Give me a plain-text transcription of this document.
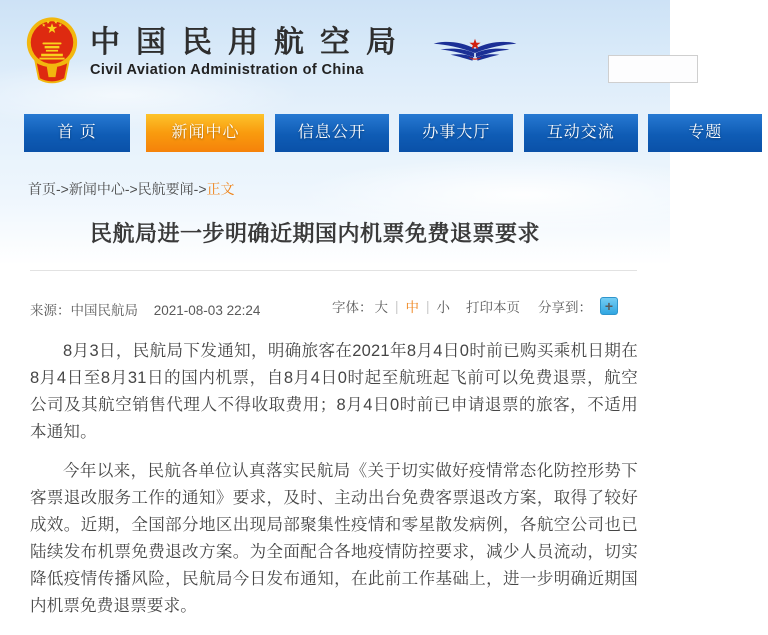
中国民用航空局
Civil Aviation Administration of China
首 页	新闻中心	信息公开	办事大厅	互动交流	专题
首页->新闻中心->民航要闻->正文
民航局进一步明确近期国内机票免费退票要求
来源：中国民航局 2021-08-03 22:24	字体： 大 | 中 | 小 打印本页 分享到： +

8月3日，民航局下发通知，明确旅客在2021年8月4日0时前已购买乘机日期在8月4日至8月31日的国内机票，自8月4日0时起至航班起飞前可以免费退票，航空公司及其航空销售代理人不得收取费用；8月4日0时前已申请退票的旅客，不适用本通知。

今年以来，民航各单位认真落实民航局《关于切实做好疫情常态化防控形势下客票退改服务工作的通知》要求，及时、主动出台免费客票退改方案，取得了较好成效。近期，全国部分地区出现局部聚集性疫情和零星散发病例，各航空公司也已陆续发布机票免费退改方案。为全面配合各地疫情防控要求，减少人员流动，切实降低疫情传播风险，民航局今日发布通知，在此前工作基础上，进一步明确近期国内机票免费退票要求。
